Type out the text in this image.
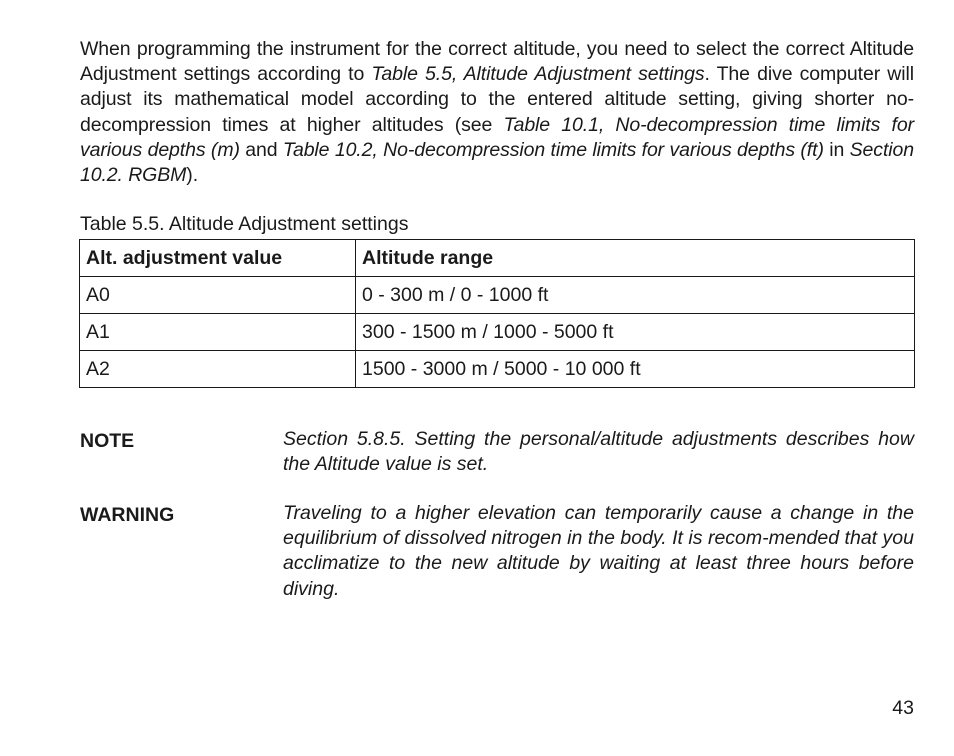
When programming the instrument for the correct altitude, you need to select the correct Altitude Adjustment settings according to Table 5.5, Altitude Adjustment settings. The dive computer will adjust its mathematical model according to the entered altitude setting, giving shorter no-decompression times at higher altitudes (see Table 10.1, No-decompression time limits for various depths (m) and Table 10.2, No-decompression time limits for various depths (ft) in Section 10.2. RGBM).

Table 5.5. Altitude Adjustment settings

Alt. adjustment value	Altitude range
A0	0 - 300 m / 0 - 1000 ft
A1	300 - 1500 m / 1000 - 5000 ft
A2	1500 - 3000 m / 5000 - 10 000 ft
NOTE	Section 5.8.5. Setting the personal/altitude adjustments describes how the Altitude value is set.

WARNING	Traveling to a higher elevation can temporarily cause a change in the equilibrium of dissolved nitrogen in the body. It is recom-mended that you acclimatize to the new altitude by waiting at least three hours before diving.

43
